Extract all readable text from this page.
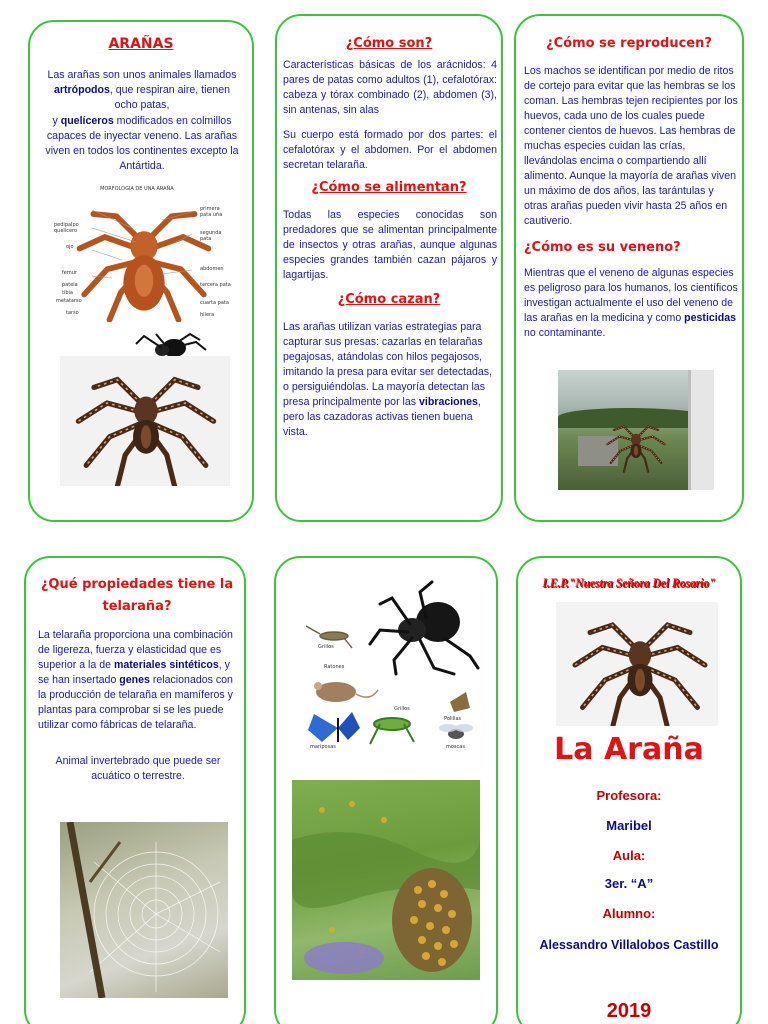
ARAÑAS

Las arañas son unos animales llamados artrópodos, que respiran aire, tienen ocho patas,

y quelíceros modificados en colmillos capaces de inyectar veneno. Las arañas viven en todos los continentes excepto la Antártida.

MORFOLOGIA DE UNA ARAÑA
pedipalpo quelícero
ojo
femur
patela
tibia
metatarso
tarso
primera pata uña
segunda pata
abdomen
tercera pata
cuarta pata
hilera
¿Cómo son?

Características básicas de los arácnidos: 4 pares de patas como adultos (1), cefalotórax: cabeza y tórax combinado (2), abdomen (3), sin antenas, sin alas

Su cuerpo está formado por dos partes: el cefalotórax y el abdomen. Por el abdomen secretan telaraña.

¿Cómo se alimentan?

Todas las especies conocidas son predadores que se alimentan principalmente de insectos y otras arañas, aunque algunas especies grandes también cazan pájaros y lagartijas.

¿Cómo cazan?

Las arañas utilizan varias estrategias para capturar sus presas: cazarlas en telarañas pegajosas, atándolas con hilos pegajosos, imitando la presa para evitar ser detectadas, o persiguiéndolas. La mayoría detectan las presa principalmente por las vibraciones, pero las cazadoras activas tienen buena vista.

¿Cómo se reproducen?

Los machos se identifican por medio de ritos de cortejo para evitar que las hembras se los coman. Las hembras tejen recipientes por los huevos, cada uno de los cuales puede contener cientos de huevos. Las hembras de muchas especies cuidan las crías, llevándolas encima o compartiendo allí alimento. Aunque la mayoría de arañas viven un máximo de dos años, las tarántulas y otras arañas pueden vivir hasta 25 años en cautiverio.

¿Cómo es su veneno?

Mientras que el veneno de algunas especies es peligroso para los humanos, los científicos investigan actualmente el uso del veneno de las arañas en la medicina y como pesticidas no contaminante.

¿Qué propiedades tiene la telaraña?

La telaraña proporciona una combinación de ligereza, fuerza y elasticidad que es superior a la de materiales sintéticos, y se han insertado genes relacionados con la producción de telaraña en mamíferos y plantas para comprobar si se les puede utilizar como fábricas de telaraña.

Animal invertebrado que puede ser acuático o terrestre.

Grillos
Ratones
Grillos
Polillas
mariposas	moscas
I.E.P."Nuestra Señora Del Rosario"
La Araña
Profesora:
Maribel
Aula:
3er. “A”
Alumno:
Alessandro Villalobos Castillo
2019
